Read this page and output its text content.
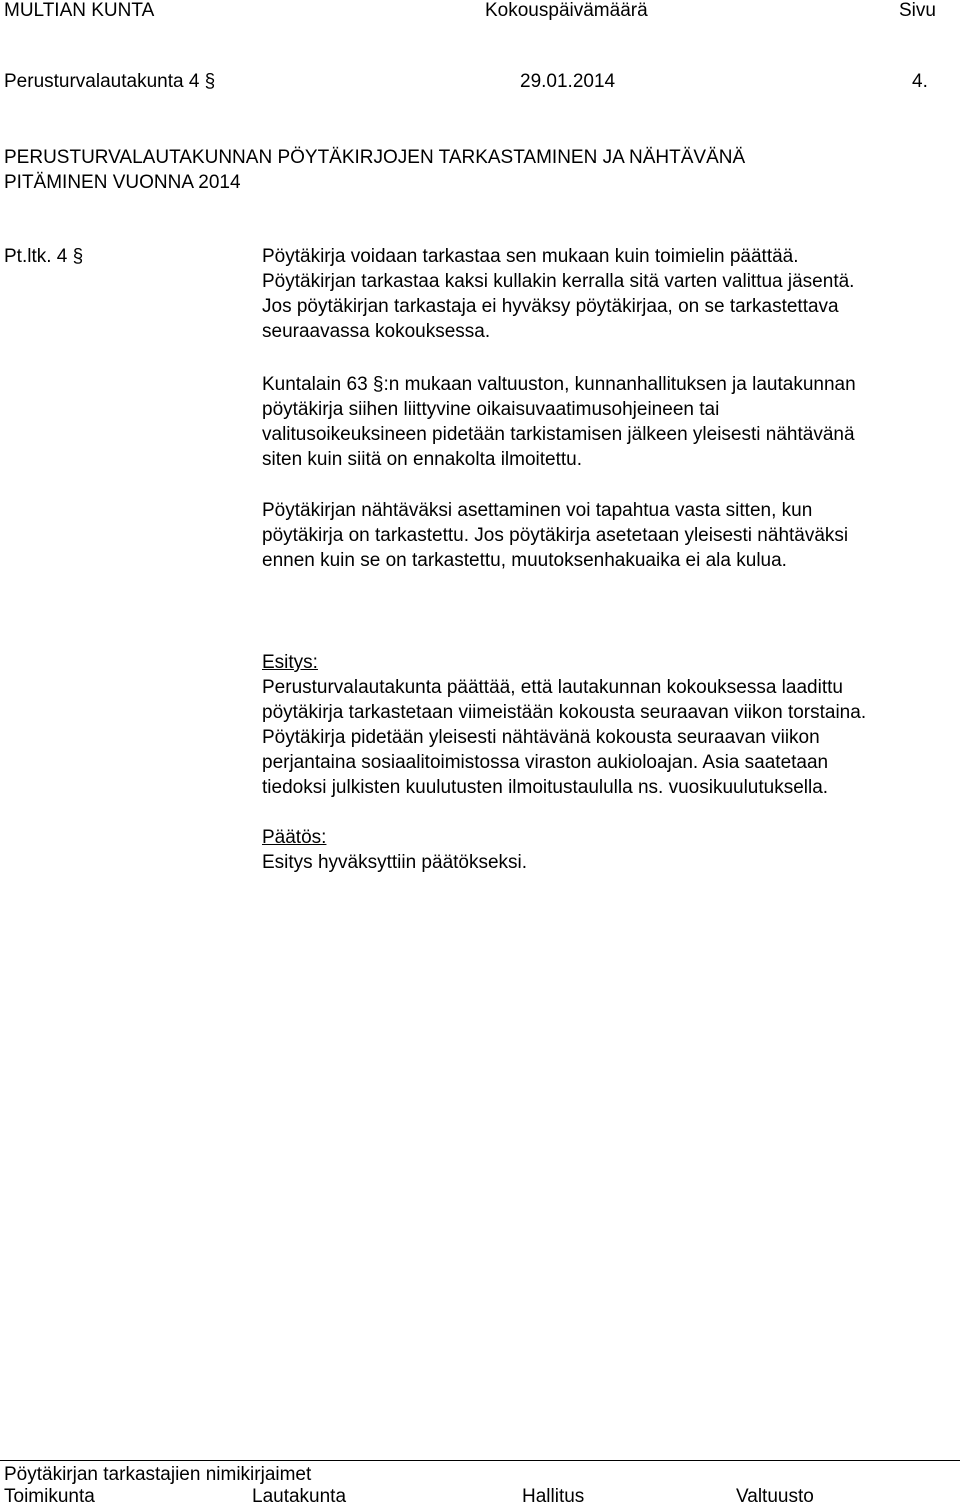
MULTIAN KUNTA	Kokouspäivämäärä	Sivu
Perusturvalautakunta 4 §	29.01.2014	4.
PERUSTURVALAUTAKUNNAN PÖYTÄKIRJOJEN TARKASTAMINEN JA NÄHTÄVÄNÄ
PITÄMINEN VUONNA 2014
Pt.ltk. 4 §	Pöytäkirja voidaan tarkastaa sen mukaan kuin toimielin päättää.

Pöytäkirjan tarkastaa kaksi kullakin kerralla sitä varten valittua jäsentä.

Jos pöytäkirjan tarkastaja ei hyväksy pöytäkirjaa, on se tarkastettava

seuraavassa kokouksessa.

Kuntalain 63 §:n mukaan valtuuston, kunnanhallituksen ja lautakunnan

pöytäkirja siihen liittyvine oikaisuvaatimusohjeineen tai

valitusoikeuksineen pidetään tarkistamisen jälkeen yleisesti nähtävänä

siten kuin siitä on ennakolta ilmoitettu.

Pöytäkirjan nähtäväksi asettaminen voi tapahtua vasta sitten, kun

pöytäkirja on tarkastettu. Jos pöytäkirja asetetaan yleisesti nähtäväksi

ennen kuin se on tarkastettu, muutoksenhakuaika ei ala kulua.

Esitys:

Perusturvalautakunta päättää, että lautakunnan kokouksessa laadittu

pöytäkirja tarkastetaan viimeistään kokousta seuraavan viikon torstaina.

Pöytäkirja pidetään yleisesti nähtävänä kokousta seuraavan viikon

perjantaina sosiaalitoimistossa viraston aukioloajan. Asia saatetaan

tiedoksi julkisten kuulutusten ilmoitustaululla ns. vuosikuulutuksella.

Päätös:

Esitys hyväksyttiin päätökseksi.

Pöytäkirjan tarkastajien nimikirjaimet
Toimikunta	Lautakunta	Hallitus	Valtuusto
